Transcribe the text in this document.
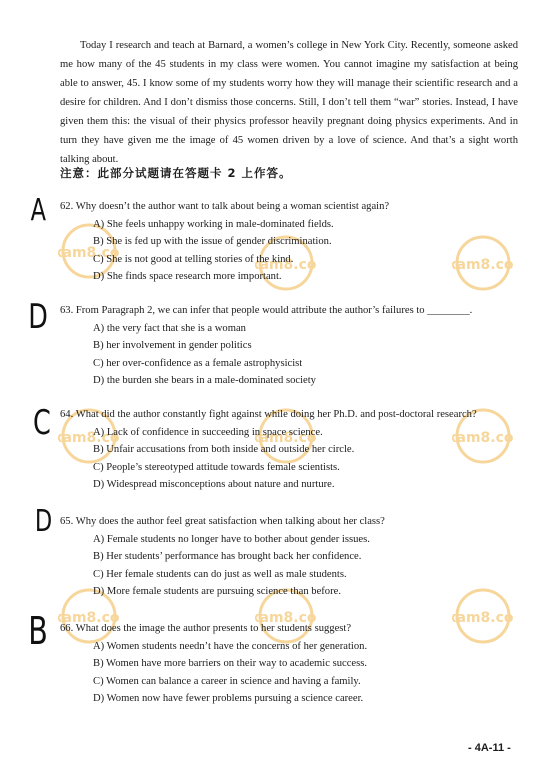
am8.co
am8.co	am8.co
am8.co	am8.co	am8.co
am8.co	am8.co	am8.co

Today I research and teach at Barnard, a women’s college in New York City. Recently, someone asked me how many of the 45 students in my class were women. You cannot imagine my satisfaction at being able to answer, 45. I know some of my students worry how they will manage their scientific research and a desire for children. And I don’t dismiss those concerns. Still, I don’t tell them “war” stories. Instead, I have given them this: the visual of their physics professor heavily pregnant doing physics experiments. And in turn they have given me the image of 45 women driven by a love of science. And that’s a sight worth talking about.

注意：此部分试题请在答题卡 2 上作答。
A 62. Why doesn’t the author want to talk about being a woman scientist again?
A) She feels unhappy working in male-dominated fields.
B) She is fed up with the issue of gender discrimination.
C) She is not good at telling stories of the kind.
D) She finds space research more important.
D 63. From Paragraph 2, we can infer that people would attribute the author’s failures to ________.
A) the very fact that she is a woman
B) her involvement in gender politics
C) her over-confidence as a female astrophysicist
D) the burden she bears in a male-dominated society
C 64. What did the author constantly fight against while doing her Ph.D. and post-doctoral research?
A) Lack of confidence in succeeding in space science.
B) Unfair accusations from both inside and outside her circle.
C) People’s stereotyped attitude towards female scientists.
D) Widespread misconceptions about nature and nurture.
D 65. Why does the author feel great satisfaction when talking about her class?
A) Female students no longer have to bother about gender issues.
B) Her students’ performance has brought back her confidence.
C) Her female students can do just as well as male students.
D) More female students are pursuing science than before.
B 66. What does the image the author presents to her students suggest?
A) Women students needn’t have the concerns of her generation.
B) Women have more barriers on their way to academic success.
C) Women can balance a career in science and having a family.
D) Women now have fewer problems pursuing a science career.
- 4A-11 -
